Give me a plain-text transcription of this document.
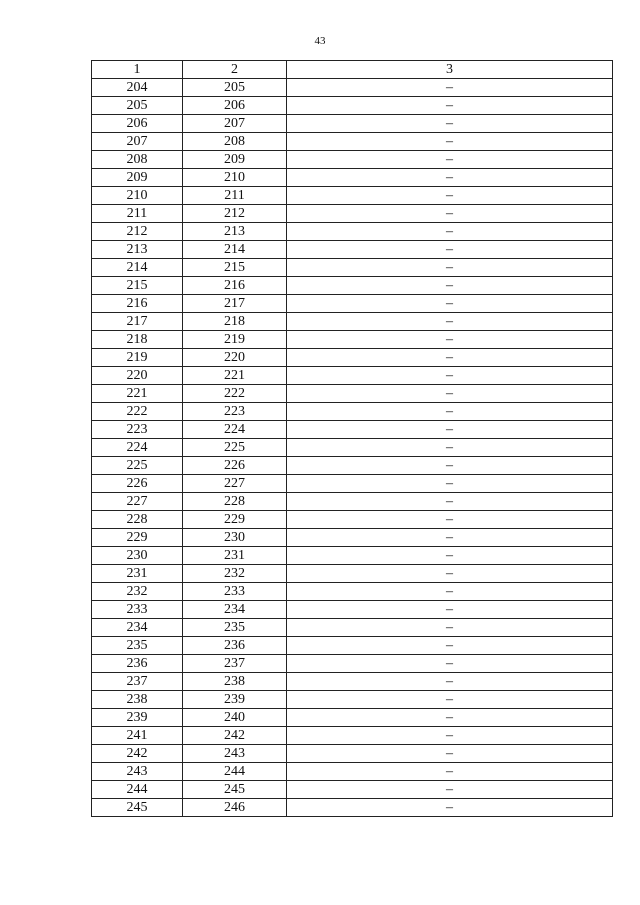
43
1	2	3
204	205	–
205	206	–
206	207	–
207	208	–
208	209	–
209	210	–
210	211	–
211	212	–
212	213	–
213	214	–
214	215	–
215	216	–
216	217	–
217	218	–
218	219	–
219	220	–
220	221	–
221	222	–
222	223	–
223	224	–
224	225	–
225	226	–
226	227	–
227	228	–
228	229	–
229	230	–
230	231	–
231	232	–
232	233	–
233	234	–
234	235	–
235	236	–
236	237	–
237	238	–
238	239	–
239	240	–
241	242	–
242	243	–
243	244	–
244	245	–
245	246	–
